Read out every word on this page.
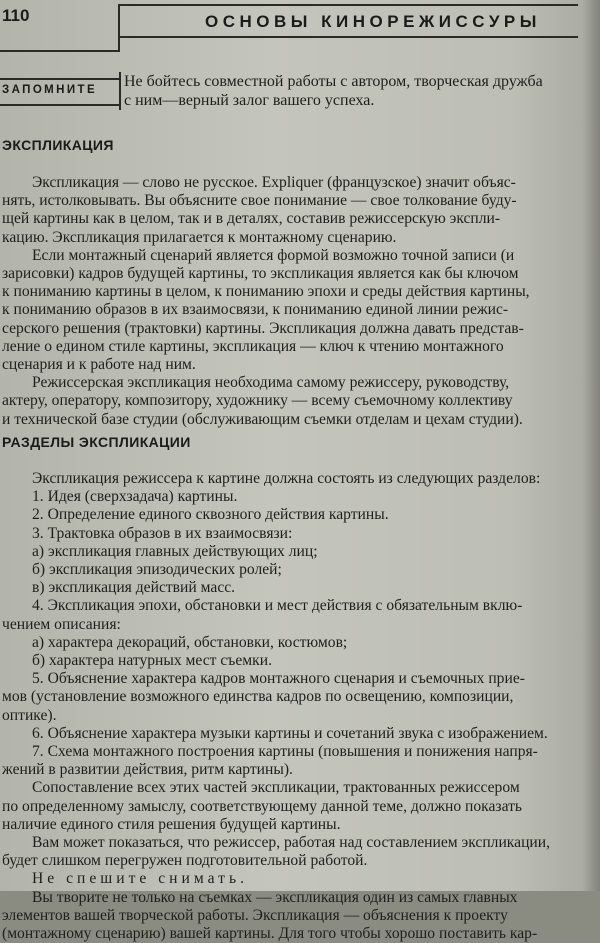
110	ОСНОВЫ КИНОРЕЖИССУРЫ
ЗАПОМНИТЕ Не бойтесь совместной работы с автором, творческая дружба
с ним—верный залог вашего успеха.
ЭКСПЛИКАЦИЯ
Экспликация — слово не русское. Expliquer (французское) значит объяс-
нять, истолковывать. Вы объясните свое понимание — свое толкование буду-
щей картины как в целом, так и в деталях, составив режиссерскую экспли-
кацию. Экспликация прилагается к монтажному сценарию.
Если монтажный сценарий является формой возможно точной записи (и
зарисовки) кадров будущей картины, то экспликация является как бы ключом
к пониманию картины в целом, к пониманию эпохи и среды действия картины,
к пониманию образов в их взаимосвязи, к пониманию единой линии режис-
серского решения (трактовки) картины. Экспликация должна давать представ-
ление о едином стиле картины, экспликация — ключ к чтению монтажного
сценария и к работе над ним.
Режиссерская экспликация необходима самому режиссеру, руководству,
актеру, оператору, композитору, художнику — всему съемочному коллективу
и технической базе студии (обслуживающим съемки отделам и цехам студии).
РАЗДЕЛЫ ЭКСПЛИКАЦИИ
Экспликация режиссера к картине должна состоять из следующих разделов:
1. Идея (сверхзадача) картины.
2. Определение единого сквозного действия картины.
3. Трактовка образов в их взаимосвязи:
а) экспликация главных действующих лиц;
б) экспликация эпизодических ролей;
в) экспликация действий масс.
4. Экспликация эпохи, обстановки и мест действия с обязательным вклю-
чением описания:
а) характера декораций, обстановки, костюмов;
б) характера натурных мест съемки.
5. Объяснение характера кадров монтажного сценария и съемочных прие-
мов (установление возможного единства кадров по освещению, композиции,
оптике).
6. Объяснение характера музыки картины и сочетаний звука с изображением.
7. Схема монтажного построения картины (повышения и понижения напря-
жений в развитии действия, ритм картины).
Сопоставление всех этих частей экспликации, трактованных режиссером
по определенному замыслу, соответствующему данной теме, должно показать
наличие единого стиля решения будущей картины.
Вам может показаться, что режиссер, работая над составлением экспликации,
будет слишком перегружен подготовительной работой.
Не спешите снимать.
Вы творите не только на съемках — экспликация один из самых главных
элементов вашей творческой работы. Экспликация — объяснения к проекту
(монтажному сценарию) вашей картины. Для того чтобы хорошо поставить кар-
